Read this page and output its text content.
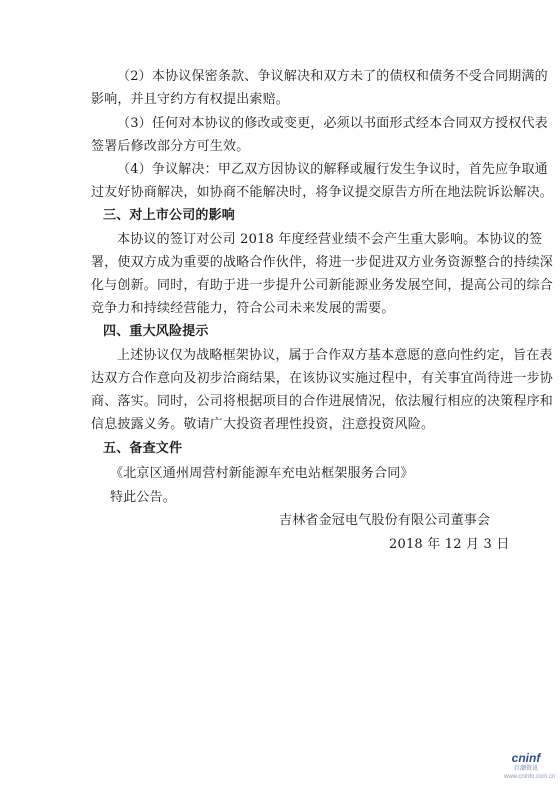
（2）本协议保密条款、争议解决和双方未了的债权和债务不受合同期满的
影响，并且守约方有权提出索赔。
（3）任何对本协议的修改或变更，必须以书面形式经本合同双方授权代表
签署后修改部分方可生效。
（4）争议解决：甲乙双方因协议的解释或履行发生争议时，首先应争取通
过友好协商解决，如协商不能解决时，将争议提交原告方所在地法院诉讼解决。
三、对上市公司的影响
本协议的签订对公司 2018 年度经营业绩不会产生重大影响。本协议的签
署，使双方成为重要的战略合作伙伴，将进一步促进双方业务资源整合的持续深
化与创新。同时，有助于进一步提升公司新能源业务发展空间，提高公司的综合
竞争力和持续经营能力，符合公司未来发展的需要。
四、重大风险提示
上述协议仅为战略框架协议，属于合作双方基本意愿的意向性约定，旨在表
达双方合作意向及初步洽商结果，在该协议实施过程中，有关事宜尚待进一步协
商、落实。同时，公司将根据项目的合作进展情况，依法履行相应的决策程序和
信息披露义务。敬请广大投资者理性投资，注意投资风险。
五、备查文件
《北京区通州周营村新能源车充电站框架服务合同》
特此公告。
吉林省金冠电气股份有限公司董事会
2018 年 12 月 3 日
cninf
巨潮资讯
www.cninfo.com.cn
